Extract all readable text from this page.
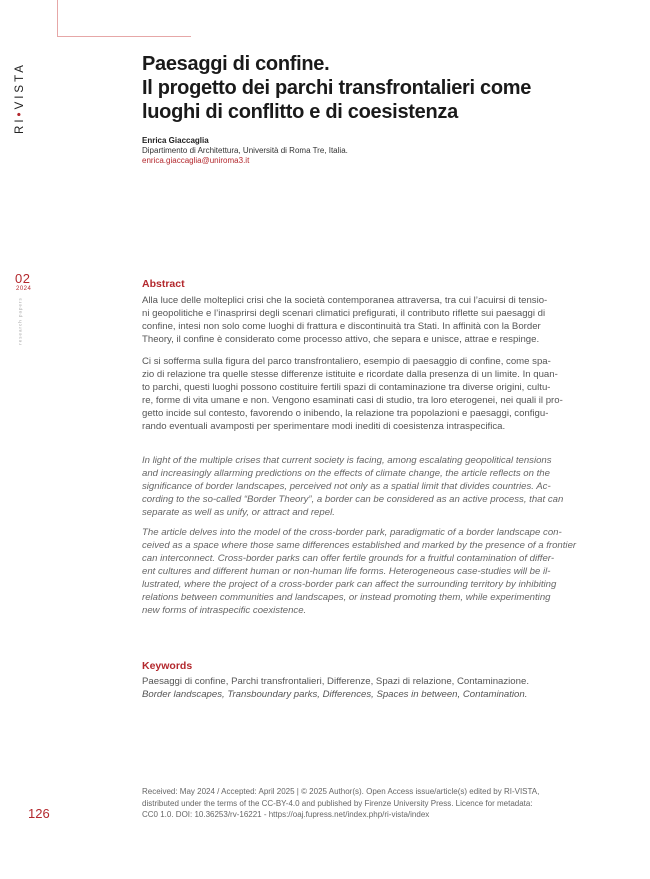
RI•VISTA
02
2024
research papers
Paesaggi di confine.
Il progetto dei parchi transfrontalieri come
luoghi di conflitto e di coesistenza
Enrica Giaccaglia
Dipartimento di Architettura, Università di Roma Tre, Italia.
enrica.giaccaglia@uniroma3.it
Abstract

Alla luce delle molteplici crisi che la società contemporanea attraversa, tra cui l’acuirsi di tensio-
ni geopolitiche e l’inasprirsi degli scenari climatici prefigurati, il contributo riflette sui paesaggi di
confine, intesi non solo come luoghi di frattura e discontinuità tra Stati. In affinità con la Border
Theory, il confine è considerato come processo attivo, che separa e unisce, attrae e respinge.

Ci si sofferma sulla figura del parco transfrontaliero, esempio di paesaggio di confine, come spa-
zio di relazione tra quelle stesse differenze istituite e ricordate dalla presenza di un limite. In quan-
to parchi, questi luoghi possono costituire fertili spazi di contaminazione tra diverse origini, cultu-
re, forme di vita umane e non. Vengono esaminati casi di studio, tra loro eterogenei, nei quali il pro-
getto incide sul contesto, favorendo o inibendo, la relazione tra popolazioni e paesaggi, configu-
rando eventuali avamposti per sperimentare modi inediti di coesistenza intraspecifica.

In light of the multiple crises that current society is facing, among escalating geopolitical tensions
and increasingly allarming predictions on the effects of climate change, the article reflects on the
significance of border landscapes, perceived not only as a spatial limit that divides countries. Ac-
cording to the so-called “Border Theory”, a border can be considered as an active process, that can
separate as well as unify, or attract and repel.

The article delves into the model of the cross-border park, paradigmatic of a border landscape con-
ceived as a space where those same differences established and marked by the presence of a frontier
can interconnect. Cross-border parks can offer fertile grounds for a fruitful contamination of differ-
ent cultures and different human or non-human life forms. Heterogeneous case-studies will be il-
lustrated, where the project of a cross-border park can affect the surrounding territory by inhibiting
relations between communities and landscapes, or instead promoting them, while experimenting
new forms of intraspecific coexistence.

Keywords

Paesaggi di confine, Parchi transfrontalieri, Differenze, Spazi di relazione, Contaminazione.
Border landscapes, Transboundary parks, Differences, Spaces in between, Contamination.

Received: May 2024 / Accepted: April 2025 | © 2025 Author(s). Open Access issue/article(s) edited by RI-VISTA,
distributed under the terms of the CC-BY-4.0 and published by Firenze University Press. Licence for metadata:
CC0 1.0. DOI: 10.36253/rv-16221 - https://oaj.fupress.net/index.php/ri-vista/index
126
